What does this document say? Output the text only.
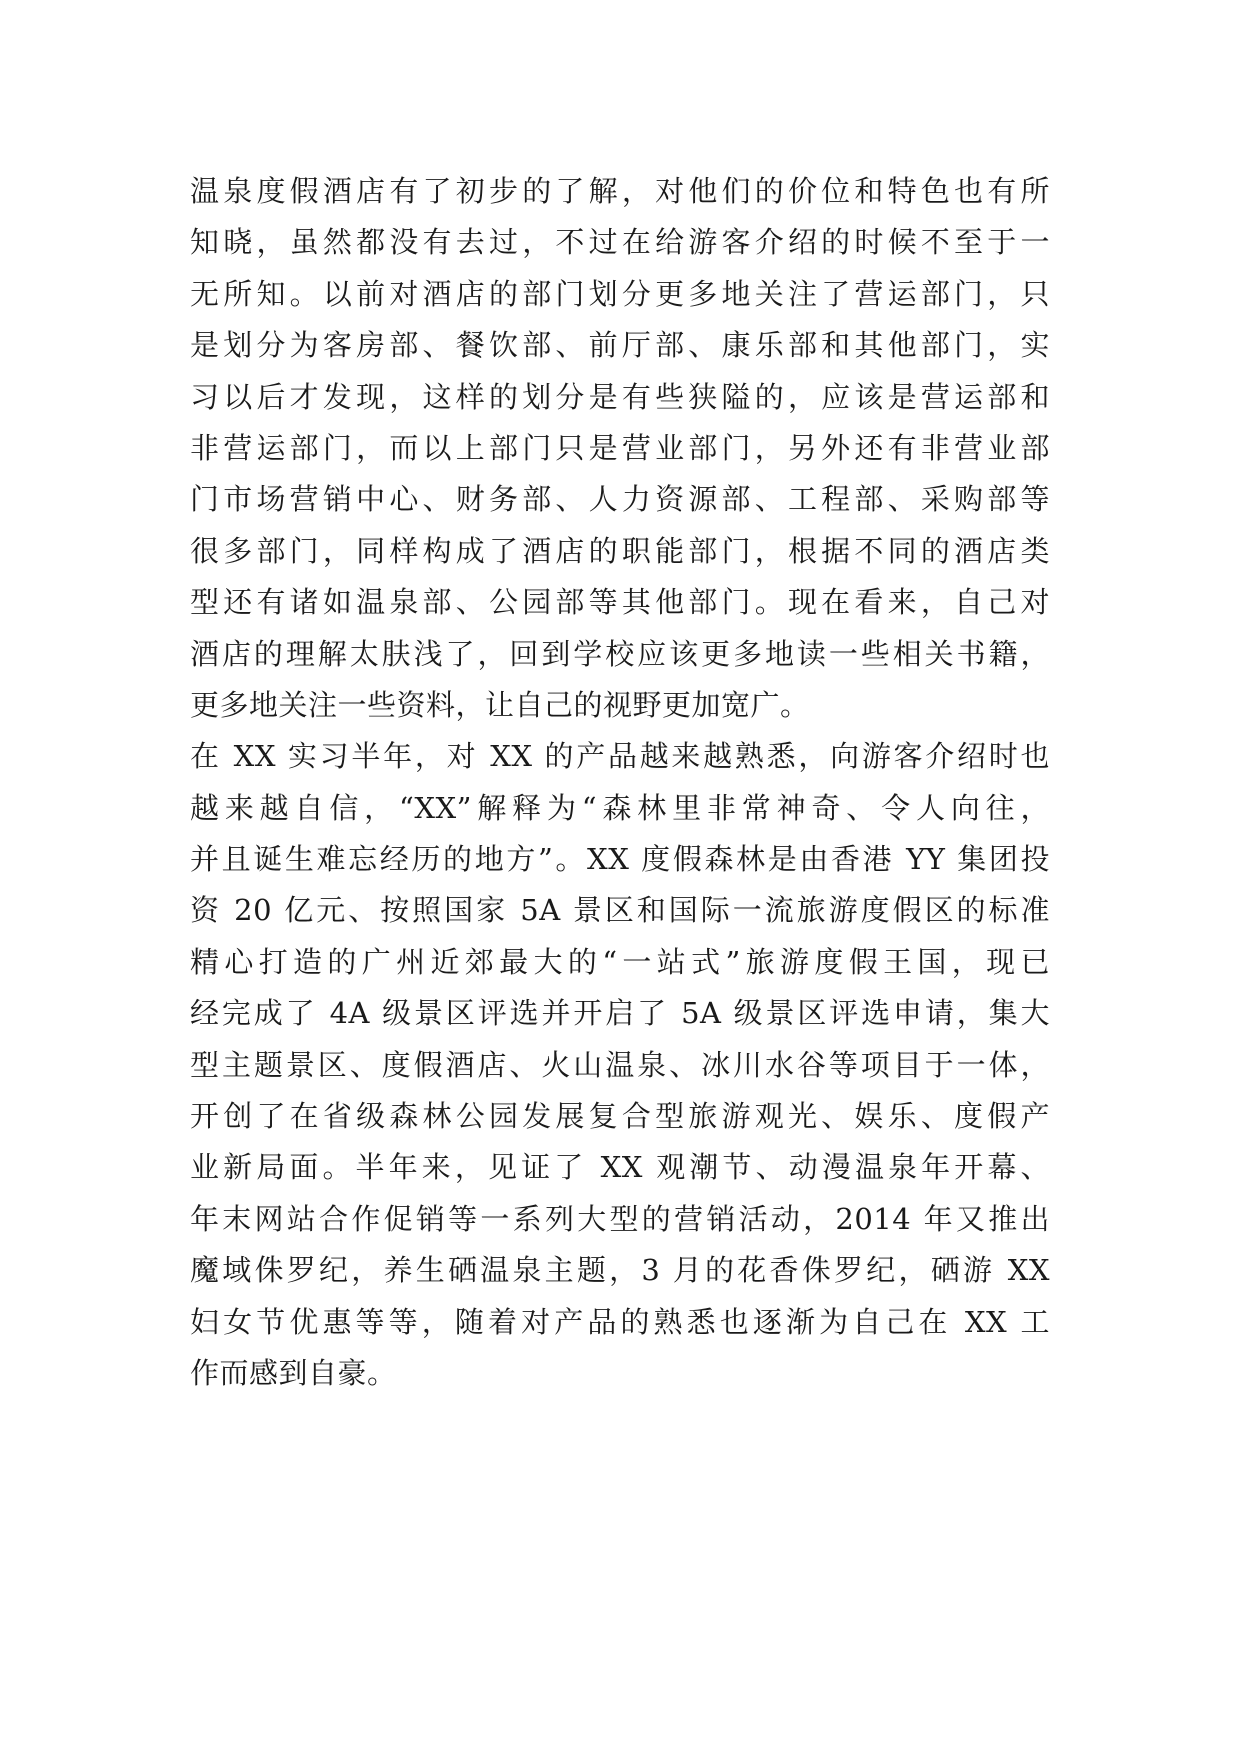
温泉度假酒店有了初步的了解，对他们的价位和特色也有所
知晓，虽然都没有去过，不过在给游客介绍的时候不至于一
无所知。以前对酒店的部门划分更多地关注了营运部门，只
是划分为客房部、餐饮部、前厅部、康乐部和其他部门，实
习以后才发现，这样的划分是有些狭隘的，应该是营运部和
非营运部门，而以上部门只是营业部门，另外还有非营业部
门市场营销中心、财务部、人力资源部、工程部、采购部等
很多部门，同样构成了酒店的职能部门，根据不同的酒店类
型还有诸如温泉部、公园部等其他部门。现在看来，自己对
酒店的理解太肤浅了，回到学校应该更多地读一些相关书籍，
更多地关注一些资料，让自己的视野更加宽广。
在 XX 实习半年，对 XX 的产品越来越熟悉，向游客介绍时也
越来越自信，“XX”解释为“森林里非常神奇、令人向往，
并且诞生难忘经历的地方”。XX 度假森林是由香港 YY 集团投
资 20 亿元、按照国家 5A 景区和国际一流旅游度假区的标准
精心打造的广州近郊最大的“一站式”旅游度假王国，现已
经完成了 4A 级景区评选并开启了 5A 级景区评选申请，集大
型主题景区、度假酒店、火山温泉、冰川水谷等项目于一体，
开创了在省级森林公园发展复合型旅游观光、娱乐、度假产
业新局面。半年来，见证了 XX 观潮节、动漫温泉年开幕、
年末网站合作促销等一系列大型的营销活动，2014 年又推出
魔域侏罗纪，养生硒温泉主题，3 月的花香侏罗纪，硒游 XX
妇女节优惠等等，随着对产品的熟悉也逐渐为自己在 XX 工
作而感到自豪。
